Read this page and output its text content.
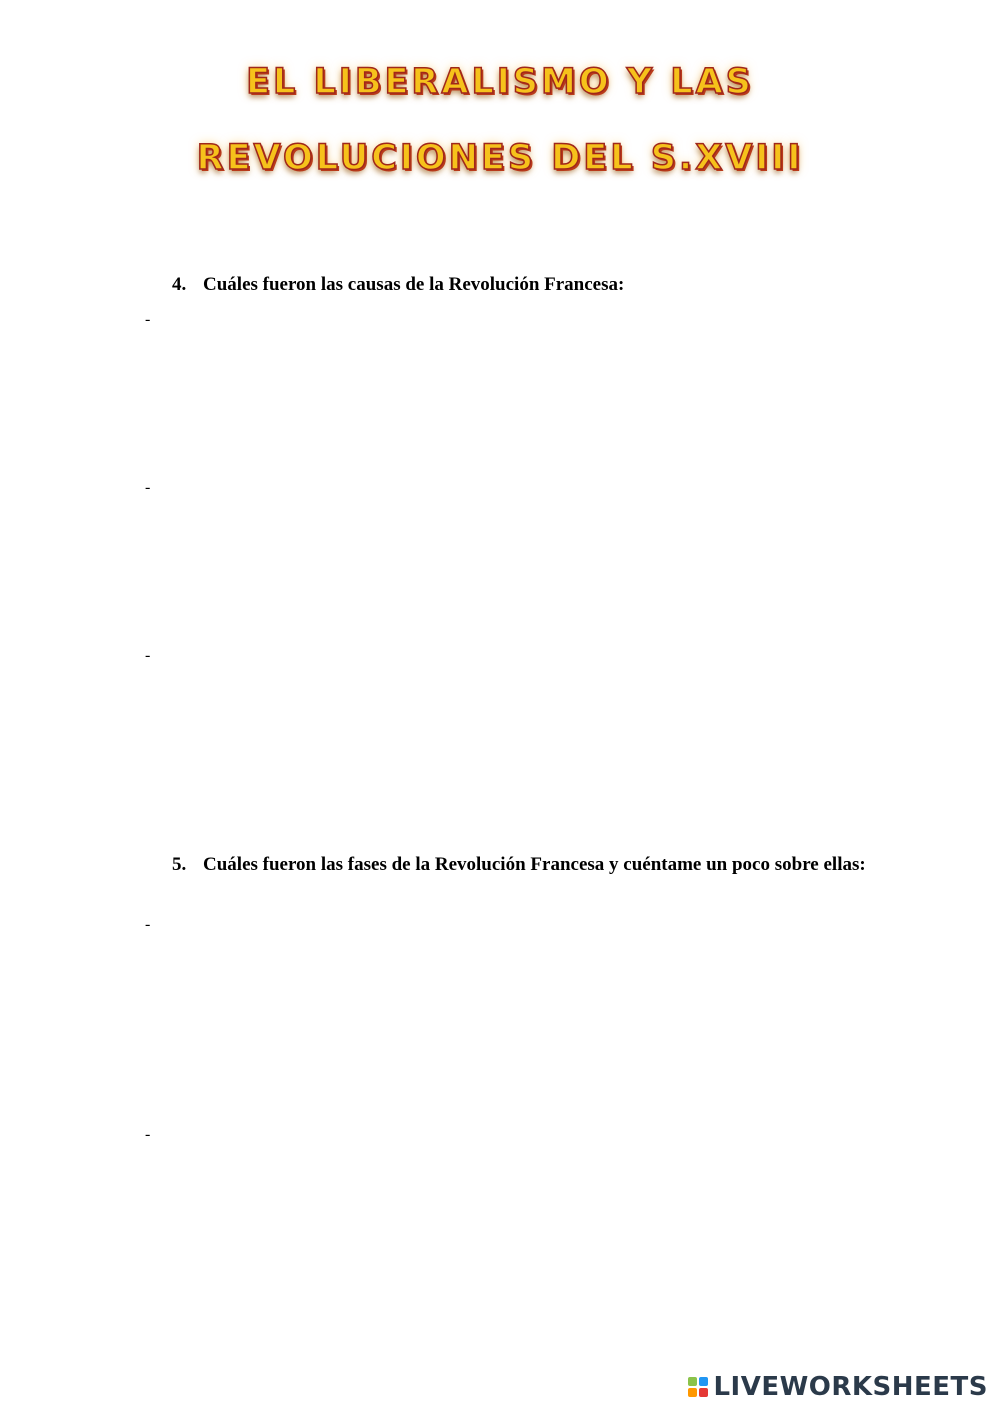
EL LIBERALISMO Y LAS
REVOLUCIONES DEL S.XVIII
4. Cuáles fueron las causas de la Revolución Francesa:
-
-
-
5. Cuáles fueron las fases de la Revolución Francesa y cuéntame un poco sobre ellas:
-
-
LIVEWORKSHEETS
